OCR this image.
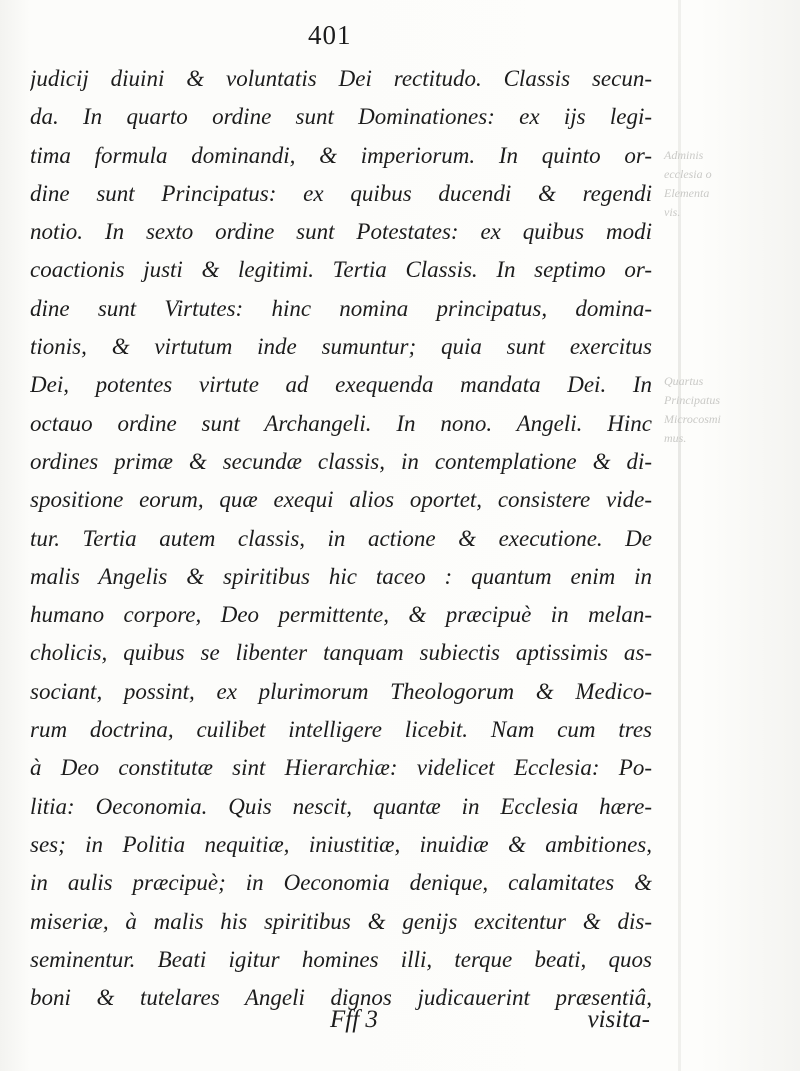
401
judicij diuini & voluntatis Dei rectitudo. Classis secun-
da. In quarto ordine sunt Dominationes: ex ijs legi-
tima formula dominandi, & imperiorum. In quinto or-
dine sunt Principatus: ex quibus ducendi & regendi
notio. In sexto ordine sunt Potestates: ex quibus modi
coactionis justi & legitimi. Tertia Classis. In septimo or-
dine sunt Virtutes: hinc nomina principatus, domina-
tionis, & virtutum inde sumuntur; quia sunt exercitus
Dei, potentes virtute ad exequenda mandata Dei. In
octauo ordine sunt Archangeli. In nono. Angeli. Hinc
ordines primæ & secundæ classis, in contemplatione & di-
spositione eorum, quæ exequi alios oportet, consistere vide-
tur. Tertia autem classis, in actione & executione. De
malis Angelis & spiritibus hic taceo : quantum enim in
humano corpore, Deo permittente, & præcipuè in melan-
cholicis, quibus se libenter tanquam subiectis aptissimis as-
sociant, possint, ex plurimorum Theologorum & Medico-
rum doctrina, cuilibet intelligere licebit. Nam cum tres
à Deo constitutæ sint Hierarchiæ: videlicet Ecclesia: Po-
litia: Oeconomia. Quis nescit, quantæ in Ecclesia hære-
ses; in Politia nequitiæ, iniustitiæ, inuidiæ & ambitiones,
in aulis præcipuè; in Oeconomia denique, calamitates &
miseriæ, à malis his spiritibus & genijs excitentur & dis-
seminentur. Beati igitur homines illi, terque beati, quos
boni & tutelares Angeli dignos judicauerint præsentiâ,
Adminis
ecclesia o
Elementa
vis.
Quartus
Principatus
Microcosmi
mus.
Fff 3	visita-
